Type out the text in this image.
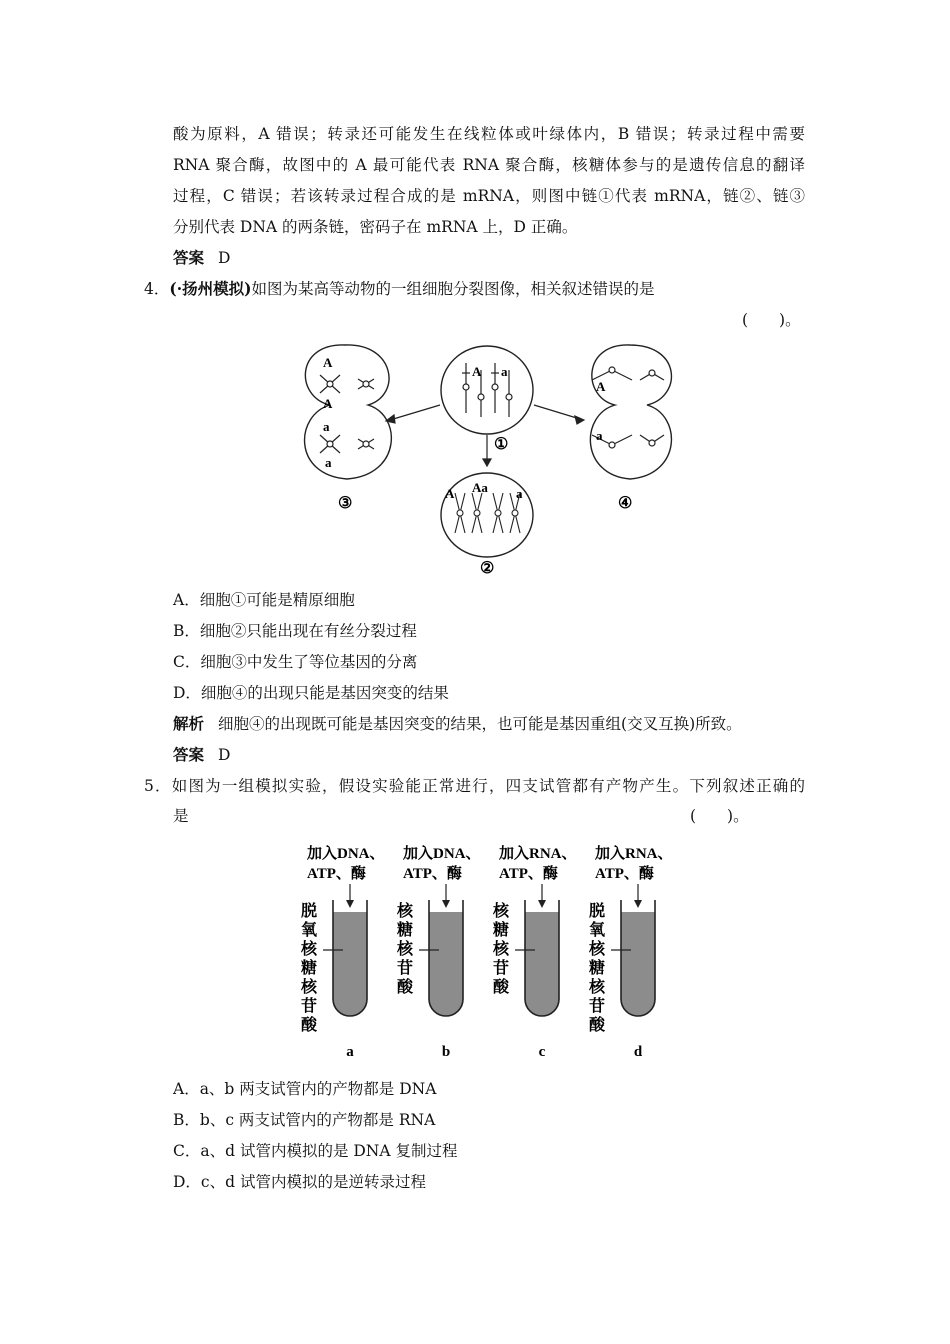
酸为原料，A 错误；转录还可能发生在线粒体或叶绿体内，B 错误；转录过程中需要
RNA 聚合酶，故图中的 A 最可能代表 RNA 聚合酶，核糖体参与的是遗传信息的翻译
过程，C 错误；若该转录过程合成的是 mRNA，则图中链①代表 mRNA，链②、链③
分别代表 DNA 的两条链，密码子在 mRNA 上，D 正确。
答案 D
4．(·扬州模拟)如图为某高等动物的一组细胞分裂图像，相关叙述错误的是
(　　)。
A a
A
A
a
a
A
a
A Aa a
①
②
③	④
A．细胞①可能是精原细胞
B．细胞②只能出现在有丝分裂过程
C．细胞③中发生了等位基因的分离
D．细胞④的出现只能是基因突变的结果
解析 细胞④的出现既可能是基因突变的结果，也可能是基因重组(交叉互换)所致。
答案 D
5．如图为一组模拟实验，假设实验能正常进行，四支试管都有产物产生。下列叙述正确的
是	(　　)。
加入DNA、
ATP、酶
脱
氧
核
糖
核
苷
酸
a
加入DNA、
ATP、酶
核
糖
核
苷
酸
b
加入RNA、
ATP、酶
核
糖
核
苷
酸
c
加入RNA、
ATP、酶
脱
氧
核
糖
核
苷
酸
d
A．a、b 两支试管内的产物都是 DNA
B．b、c 两支试管内的产物都是 RNA
C．a、d 试管内模拟的是 DNA 复制过程
D．c、d 试管内模拟的是逆转录过程
